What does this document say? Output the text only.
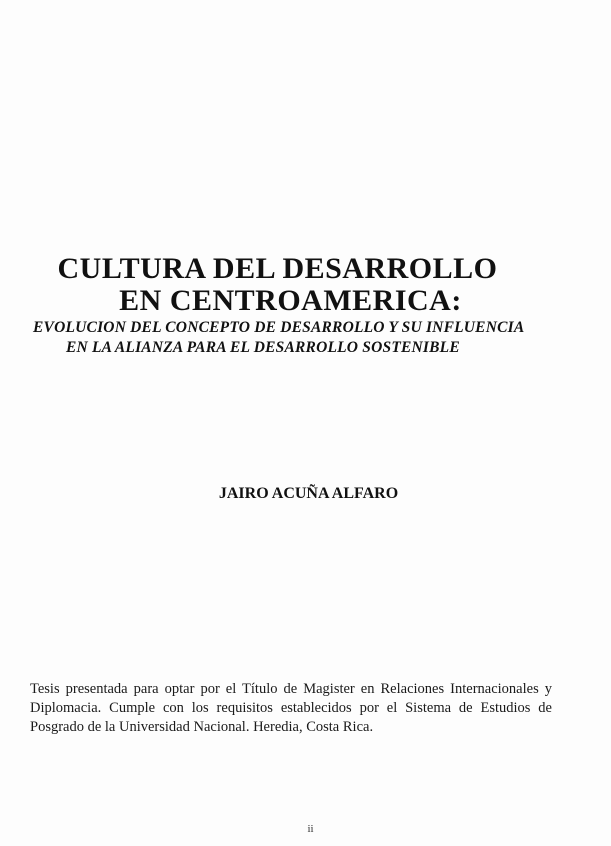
CULTURA DEL DESARROLLO
EN CENTROAMERICA:
EVOLUCION DEL CONCEPTO DE DESARROLLO Y SU INFLUENCIA
EN LA ALIANZA PARA EL DESARROLLO SOSTENIBLE
JAIRO ACUÑA ALFARO
Tesis presentada para optar por el Título de Magister en Relaciones Internacionales y Diplomacia. Cumple con los requisitos establecidos por el Sistema de Estudios de Posgrado de la Universidad Nacional. Heredia, Costa Rica.
ii
